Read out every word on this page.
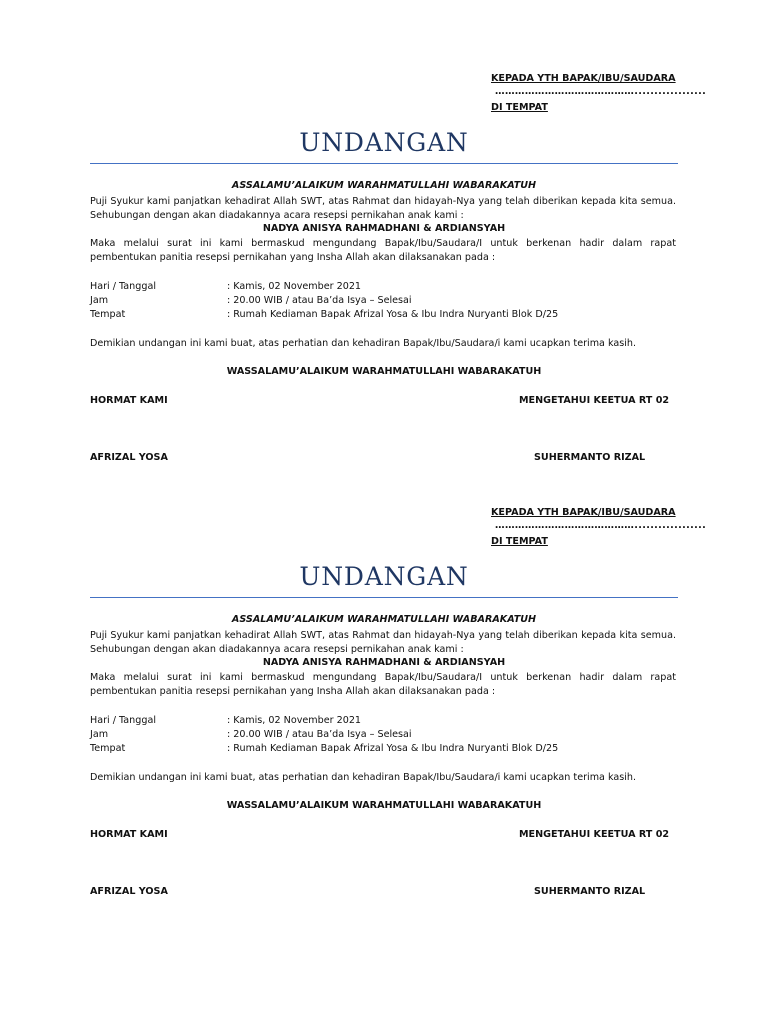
KEPADA YTH BAPAK/IBU/SAUDARA
……………………………………..................
DI TEMPAT
UNDANGAN
ASSALAMU’ALAIKUM WARAHMATULLAHI WABARAKATUH
Puji Syukur kami panjatkan kehadirat Allah SWT, atas Rahmat dan hidayah-Nya yang telah diberikan kepada kita semua. Sehubungan dengan akan diadakannya acara resepsi pernikahan anak kami :
NADYA ANISYA RAHMADHANI & ARDIANSYAH
Maka melalui surat ini kami bermaskud mengundang Bapak/Ibu/Saudara/I untuk berkenan hadir dalam rapat pembentukan panitia resepsi pernikahan yang Insha Allah akan dilaksanakan pada :
Hari / Tanggal	: Kamis, 02 November 2021
Jam	: 20.00 WIB / atau Ba’da Isya – Selesai
Tempat	: Rumah Kediaman Bapak Afrizal Yosa & Ibu Indra Nuryanti Blok D/25
Demikian undangan ini kami buat, atas perhatian dan kehadiran Bapak/Ibu/Saudara/i kami ucapkan terima kasih.
WASSALAMU’ALAIKUM WARAHMATULLAHI WABARAKATUH
HORMAT KAMI	MENGETAHUI KEETUA RT 02
AFRIZAL YOSA	SUHERMANTO RIZAL
KEPADA YTH BAPAK/IBU/SAUDARA
……………………………………..................
DI TEMPAT
UNDANGAN
ASSALAMU’ALAIKUM WARAHMATULLAHI WABARAKATUH
Puji Syukur kami panjatkan kehadirat Allah SWT, atas Rahmat dan hidayah-Nya yang telah diberikan kepada kita semua. Sehubungan dengan akan diadakannya acara resepsi pernikahan anak kami :
NADYA ANISYA RAHMADHANI & ARDIANSYAH
Maka melalui surat ini kami bermaskud mengundang Bapak/Ibu/Saudara/I untuk berkenan hadir dalam rapat pembentukan panitia resepsi pernikahan yang Insha Allah akan dilaksanakan pada :
Hari / Tanggal	: Kamis, 02 November 2021
Jam	: 20.00 WIB / atau Ba’da Isya – Selesai
Tempat	: Rumah Kediaman Bapak Afrizal Yosa & Ibu Indra Nuryanti Blok D/25
Demikian undangan ini kami buat, atas perhatian dan kehadiran Bapak/Ibu/Saudara/i kami ucapkan terima kasih.
WASSALAMU’ALAIKUM WARAHMATULLAHI WABARAKATUH
HORMAT KAMI	MENGETAHUI KEETUA RT 02
AFRIZAL YOSA	SUHERMANTO RIZAL
